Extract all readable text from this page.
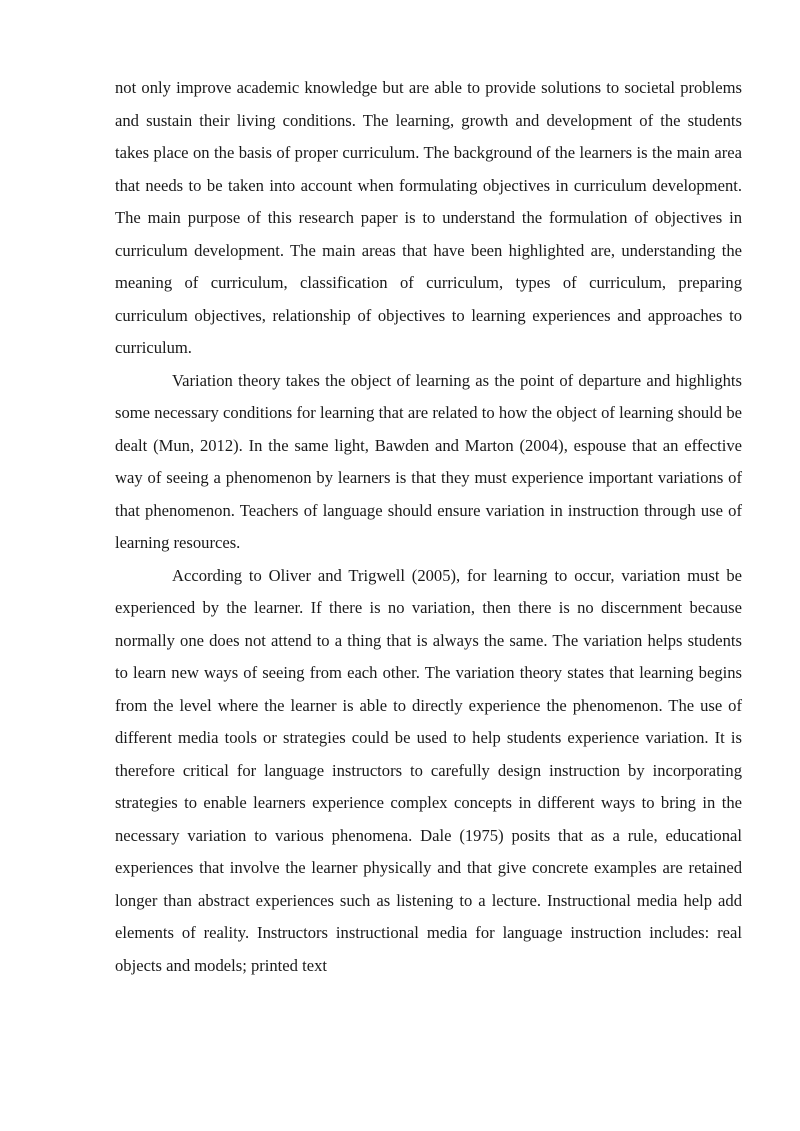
not only improve academic knowledge but are able to provide solutions to societal problems and sustain their living conditions. The learning, growth and development of the students takes place on the basis of proper curriculum. The background of the learners is the main area that needs to be taken into account when formulating objectives in curriculum development. The main purpose of this research paper is to understand the formulation of objectives in curriculum development. The main areas that have been highlighted are, understanding the meaning of curriculum, classification of curriculum, types of curriculum, preparing curriculum objectives, relationship of objectives to learning experiences and approaches to curriculum.

Variation theory takes the object of learning as the point of departure and highlights some necessary conditions for learning that are related to how the object of learning should be dealt (Mun, 2012). In the same light, Bawden and Marton (2004), espouse that an effective way of seeing a phenomenon by learners is that they must experience important variations of that phenomenon. Teachers of language should ensure variation in instruction through use of learning resources.

According to Oliver and Trigwell (2005), for learning to occur, variation must be experienced by the learner. If there is no variation, then there is no discernment because normally one does not attend to a thing that is always the same. The variation helps students to learn new ways of seeing from each other. The variation theory states that learning begins from the level where the learner is able to directly experience the phenomenon. The use of different media tools or strategies could be used to help students experience variation. It is therefore critical for language instructors to carefully design instruction by incorporating strategies to enable learners experience complex concepts in different ways to bring in the necessary variation to various phenomena. Dale (1975) posits that as a rule, educational experiences that involve the learner physically and that give concrete examples are retained longer than abstract experiences such as listening to a lecture. Instructional media help add elements of reality. Instructors instructional media for language instruction includes: real objects and models; printed text
